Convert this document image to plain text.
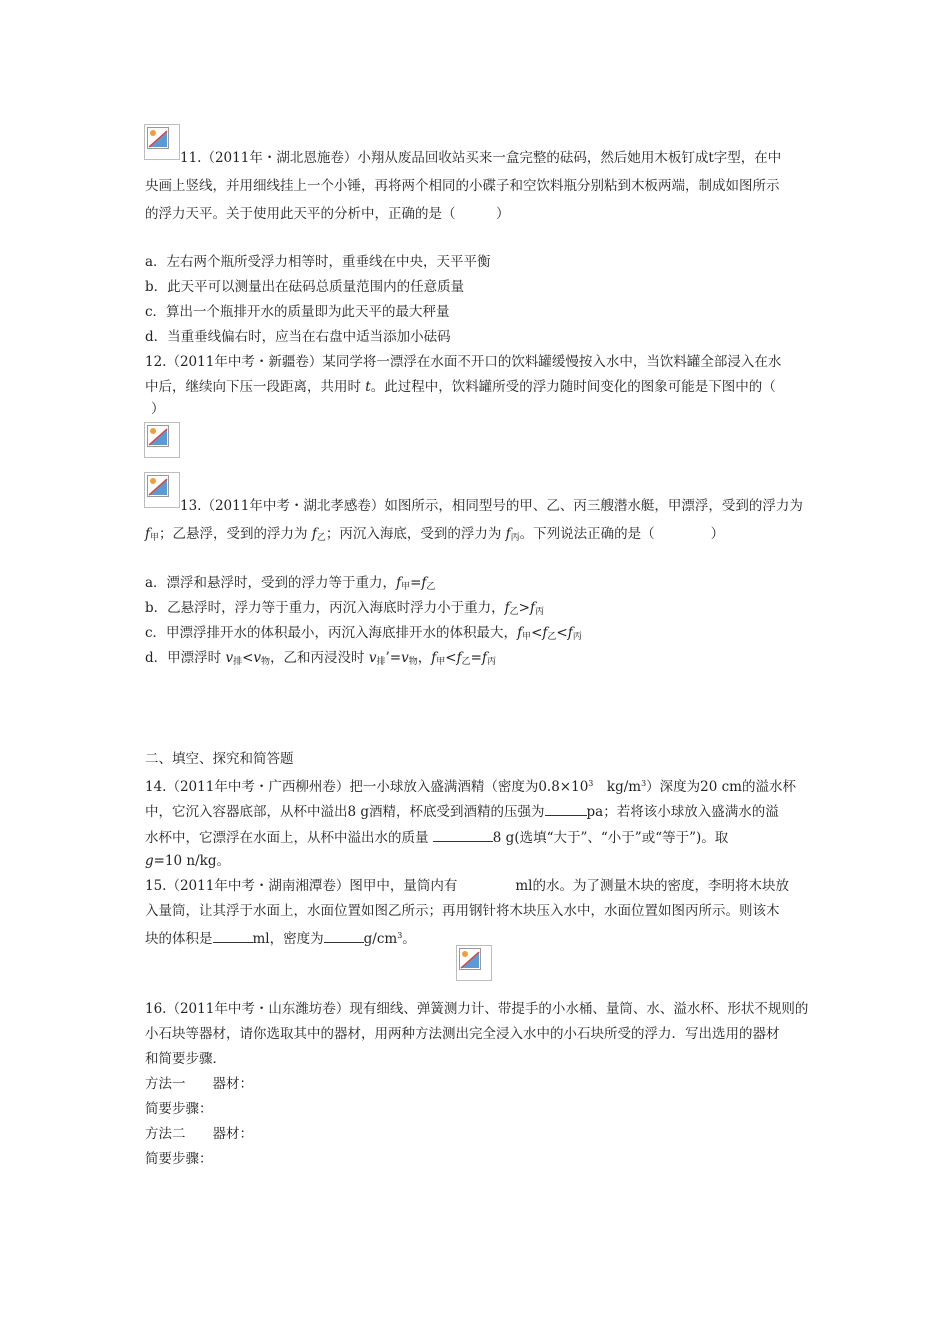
11.（2011年・湖北恩施卷）小翔从废品回收站买来一盒完整的砝码，然后她用木板钉成t字型，在中
央画上竖线，并用细线挂上一个小锤，再将两个相同的小碟子和空饮料瓶分别粘到木板两端，制成如图所示
的浮力天平。关于使用此天平的分析中，正确的是（　　　）
a．左右两个瓶所受浮力相等时，重垂线在中央，天平平衡
b．此天平可以测量出在砝码总质量范围内的任意质量
c．算出一个瓶排开水的质量即为此天平的最大秤量
d．当重垂线偏右时，应当在右盘中适当添加小砝码
12.（2011年中考・新疆卷）某同学将一漂浮在水面不开口的饮料罐缓慢按入水中，当饮料罐全部浸入在水
中后，继续向下压一段距离，共用时 t。此过程中，饮料罐所受的浮力随时间变化的图象可能是下图中的（
）
13.（2011年中考・湖北孝感卷）如图所示，相同型号的甲、乙、丙三艘潜水艇，甲漂浮，受到的浮力为
$f_甲$；乙悬浮，受到的浮力为 $f_乙$；丙沉入海底，受到的浮力为 $f_丙$。下列说法正确的是（	）
a．漂浮和悬浮时，受到的浮力等于重力，$f_甲=f_乙$
b．乙悬浮时，浮力等于重力，丙沉入海底时浮力小于重力，$f_乙>f_丙$
c．甲漂浮排开水的体积最小，丙沉入海底排开水的体积最大，$f_甲<f_乙<f_丙$
d．甲漂浮时 $v_排<v_物$，乙和丙浸没时 $v_排’=v_物$，$f_甲<f_乙=f_丙$
二、填空、探究和简答题
14.（2011年中考・广西柳州卷）把一小球放入盛满酒精（密度为$0.8\times 10^3$　$kg/m^3$）深度为20 cm的溢水杯
中，它沉入容器底部，从杯中溢出8 g酒精，杯底受到酒精的压强为	pa；若将该小球放入盛满水的溢
水杯中，它漂浮在水面上，从杯中溢出水的质量	8 g(选填“大于”、“小于”或“等于”)。取
g=10 n/kg。
15.（2011年中考・湖南湘潭卷）图甲中，量筒内有	ml的水。为了测量木块的密度，李明将木块放
入量筒，让其浮于水面上，水面位置如图乙所示；再用钢针将木块压入水中，水面位置如图丙所示。则该木
块的体积是	ml，密度为	$g/cm^3$。
16.（2011年中考・山东潍坊卷）现有细线、弹簧测力计、带提手的小水桶、量筒、水、溢水杯、形状不规则的
小石块等器材，请你选取其中的器材，用两种方法测出完全浸入水中的小石块所受的浮力．写出选用的器材
和简要步骤．
方法一　　器材：
简要步骤：
方法二　　器材：
简要步骤：
